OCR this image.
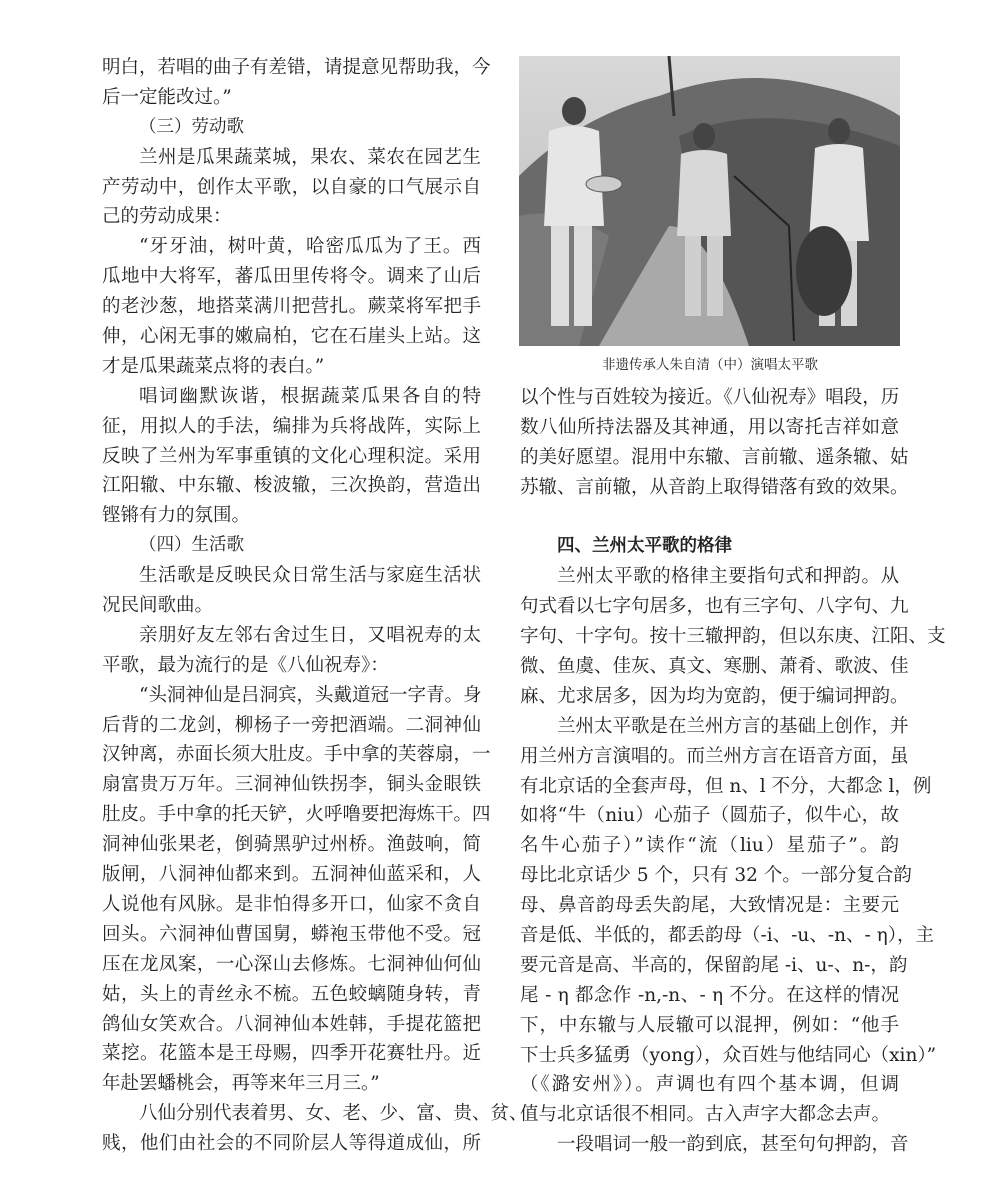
明白，若唱的曲子有差错，请提意见帮助我，今
后一定能改过。”
（三）劳动歌
兰州是瓜果蔬菜城，果农、菜农在园艺生
产劳动中，创作太平歌，以自豪的口气展示自
己的劳动成果：
“牙牙油，树叶黄，哈密瓜瓜为了王。西
瓜地中大将军，蕃瓜田里传将令。调来了山后
的老沙葱，地搭菜满川把营扎。蕨菜将军把手
伸，心闲无事的嫩扁柏，它在石崖头上站。这
才是瓜果蔬菜点将的表白。”
唱词幽默诙谐，根据蔬菜瓜果各自的特
征，用拟人的手法，编排为兵将战阵，实际上
反映了兰州为军事重镇的文化心理积淀。采用
江阳辙、中东辙、梭波辙，三次换韵，营造出
铿锵有力的氛围。
（四）生活歌
生活歌是反映民众日常生活与家庭生活状
况民间歌曲。
亲朋好友左邻右舍过生日，又唱祝寿的太
平歌，最为流行的是《八仙祝寿》：
“头洞神仙是吕洞宾，头戴道冠一字青。身
后背的二龙剑，柳杨子一旁把酒端。二洞神仙
汉钟离，赤面长须大肚皮。手中拿的芙蓉扇，一
扇富贵万万年。三洞神仙铁拐李，铜头金眼铁
肚皮。手中拿的托天铲，火呼噜要把海炼干。四
洞神仙张果老，倒骑黑驴过州桥。渔鼓响，简
版闸，八洞神仙都来到。五洞神仙蓝采和，人
人说他有风脉。是非怕得多开口，仙家不贪自
回头。六洞神仙曹国舅，蟒袍玉带他不受。冠
压在龙凤案，一心深山去修炼。七洞神仙何仙
姑，头上的青丝永不梳。五色蛟螭随身转，青
鸽仙女笑欢合。八洞神仙本姓韩，手提花篮把
菜挖。花篮本是王母赐，四季开花赛牡丹。近
年赴罢蟠桃会，再等来年三月三。”
八仙分别代表着男、女、老、少、富、贵、贫、
贱，他们由社会的不同阶层人等得道成仙，所
非遗传承人朱自清（中）演唱太平歌
以个性与百姓较为接近。《八仙祝寿》唱段，历
数八仙所持法器及其神通，用以寄托吉祥如意
的美好愿望。混用中东辙、言前辙、遥条辙、姑
苏辙、言前辙，从音韵上取得错落有致的效果。
四、兰州太平歌的格律
兰州太平歌的格律主要指句式和押韵。从
句式看以七字句居多，也有三字句、八字句、九
字句、十字句。按十三辙押韵，但以东庚、江阳、支
微、鱼虞、佳灰、真文、寒删、萧肴、歌波、佳
麻、尤求居多，因为均为宽韵，便于编词押韵。
兰州太平歌是在兰州方言的基础上创作，并
用兰州方言演唱的。而兰州方言在语音方面，虽
有北京话的全套声母，但 n、l 不分，大都念 l，例
如将“牛（niu）心茄子（圆茄子，似牛心，故
名牛心茄子）”读作“流（liu）星茄子”。韵
母比北京话少 5 个，只有 32 个。一部分复合韵
母、鼻音韵母丢失韵尾，大致情况是：主要元
音是低、半低的，都丢韵母（-i、-u、-n、- η），主
要元音是高、半高的，保留韵尾 -i、u-、n-，韵
尾 - η 都念作 -n,-n、- η 不分。在这样的情况
下，中东辙与人辰辙可以混押，例如：“他手
下士兵多猛勇（yong），众百姓与他结同心（xin）”
（《潞安州》）。声调也有四个基本调，但调
值与北京话很不相同。古入声字大都念去声。
一段唱词一般一韵到底，甚至句句押韵，音
